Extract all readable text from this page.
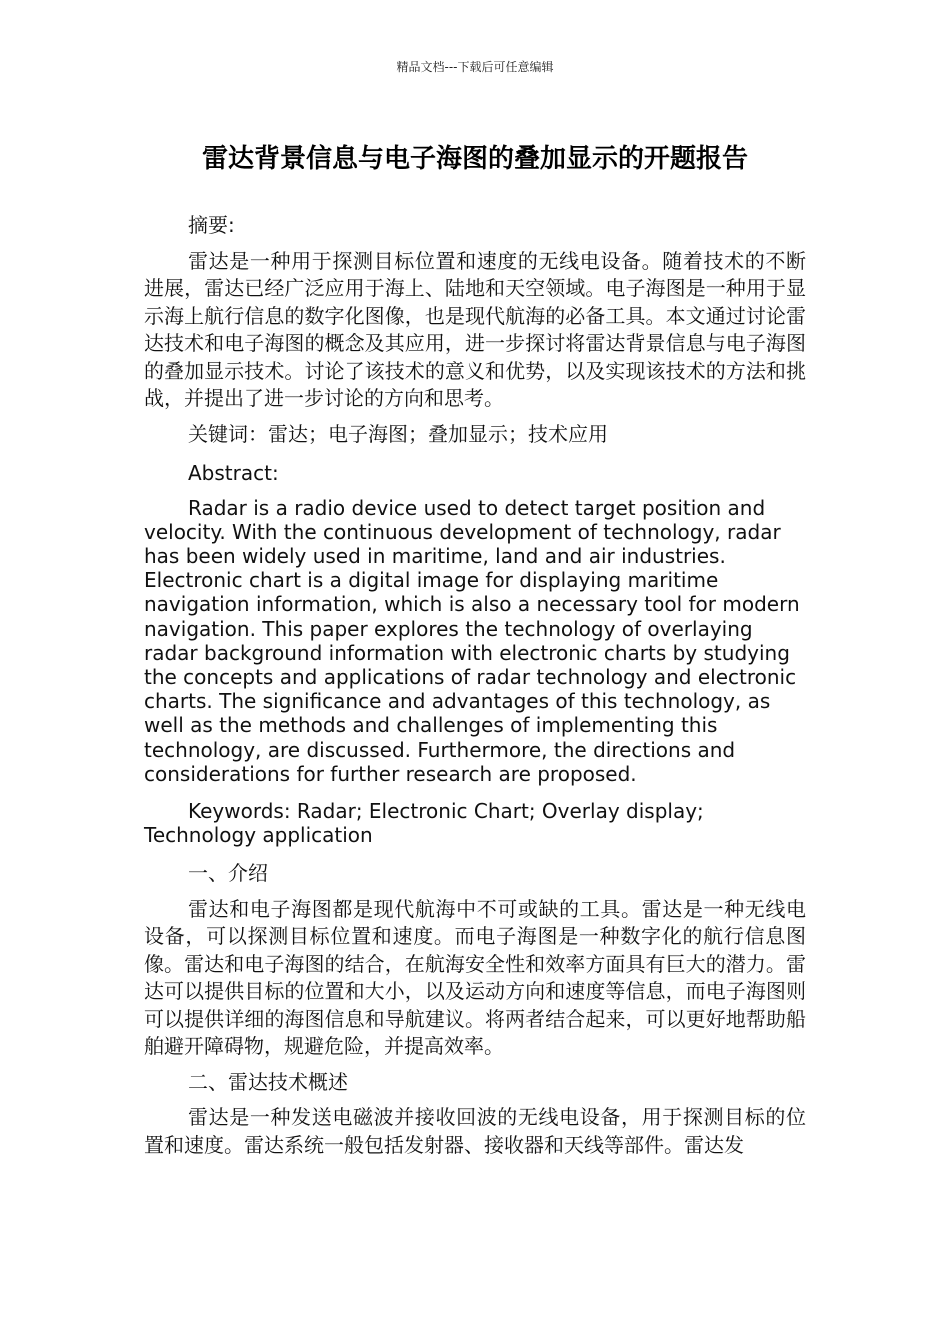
精品文档---下载后可任意编辑
雷达背景信息与电子海图的叠加显示的开题报告

摘要:

雷达是一种用于探测目标位置和速度的无线电设备。随着技术的不断进展，雷达已经广泛应用于海上、陆地和天空领域。电子海图是一种用于显示海上航行信息的数字化图像，也是现代航海的必备工具。本文通过讨论雷达技术和电子海图的概念及其应用，进一步探讨将雷达背景信息与电子海图的叠加显示技术。讨论了该技术的意义和优势，以及实现该技术的方法和挑战，并提出了进一步讨论的方向和思考。

关键词：雷达；电子海图；叠加显示；技术应用

Abstract:

Radar is a radio device used to detect target position and velocity. With the continuous development of technology, radar has been widely used in maritime, land and air industries. Electronic chart is a digital image for displaying maritime navigation information, which is also a necessary tool for modern navigation. This paper explores the technology of overlaying radar background information with electronic charts by studying the concepts and applications of radar technology and electronic charts. The significance and advantages of this technology, as well as the methods and challenges of implementing this technology, are discussed. Furthermore, the directions and considerations for further research are proposed.

Keywords: Radar; Electronic Chart; Overlay display; Technology application

一、介绍

雷达和电子海图都是现代航海中不可或缺的工具。雷达是一种无线电设备，可以探测目标位置和速度。而电子海图是一种数字化的航行信息图像。雷达和电子海图的结合，在航海安全性和效率方面具有巨大的潜力。雷达可以提供目标的位置和大小，以及运动方向和速度等信息，而电子海图则可以提供详细的海图信息和导航建议。将两者结合起来，可以更好地帮助船舶避开障碍物，规避危险，并提高效率。

二、雷达技术概述

雷达是一种发送电磁波并接收回波的无线电设备，用于探测目标的位置和速度。雷达系统一般包括发射器、接收器和天线等部件。雷达发
